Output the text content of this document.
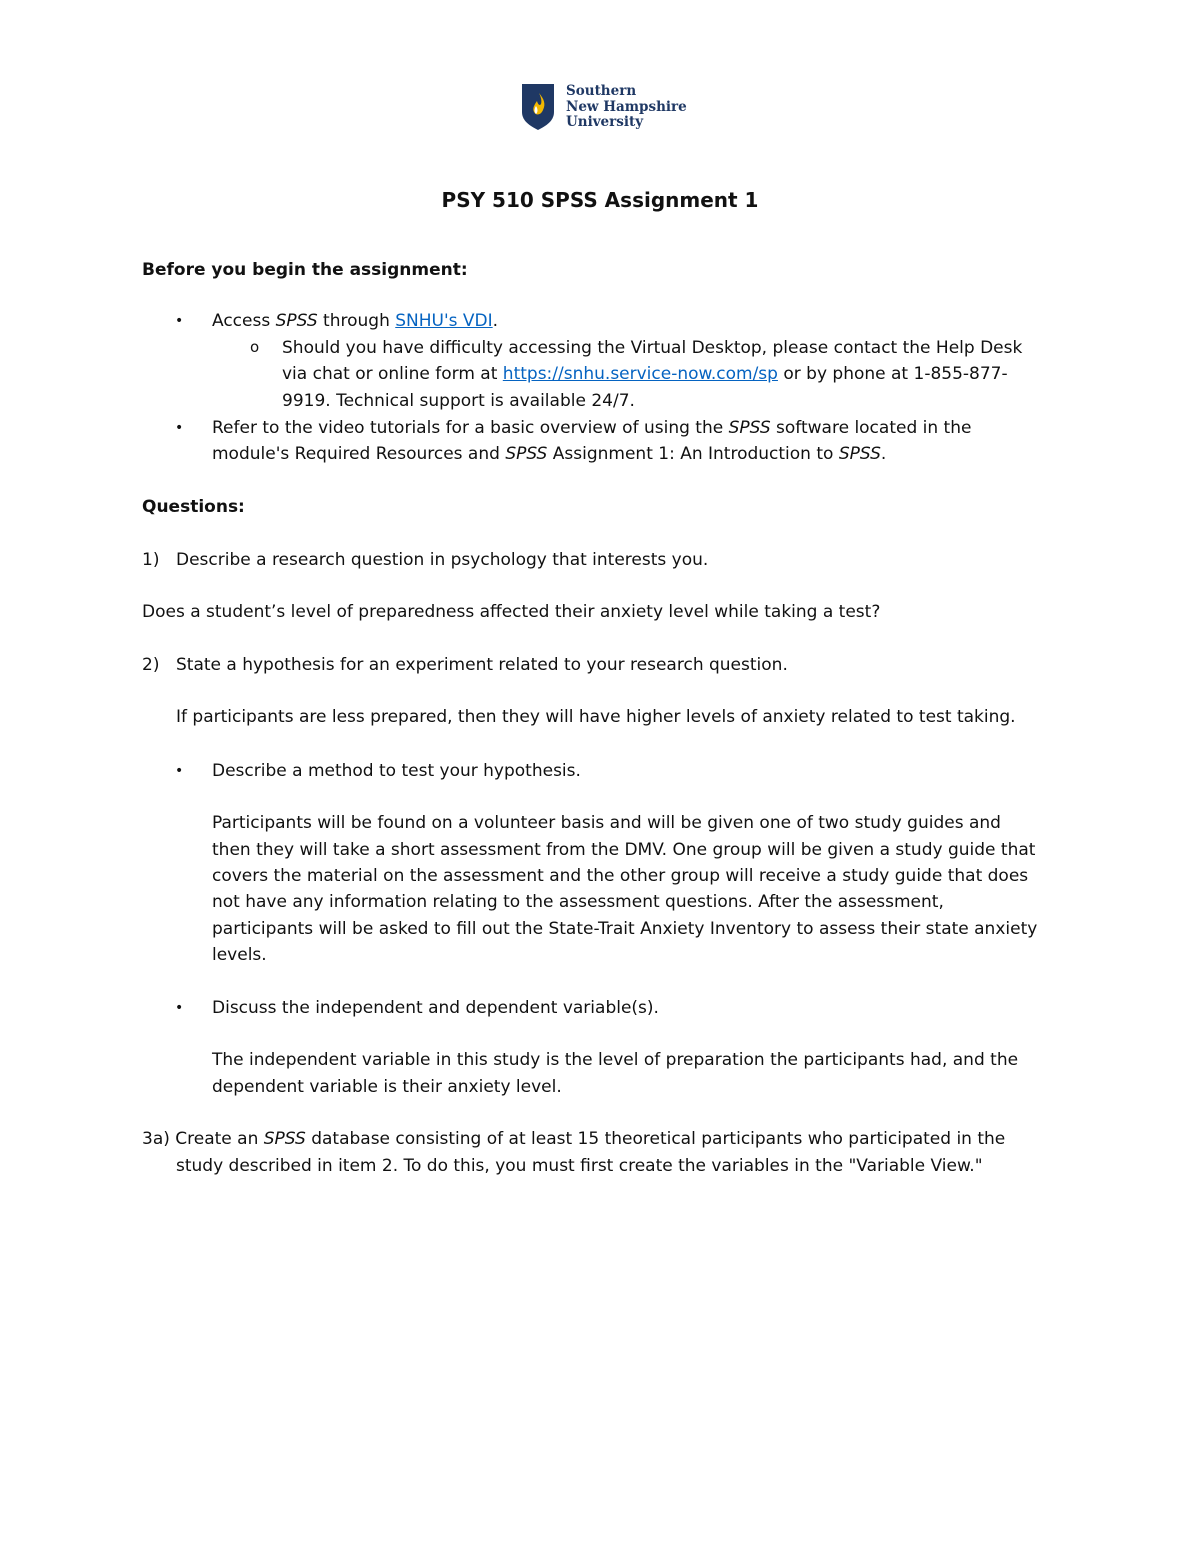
Southern
New Hampshire
University
PSY 510 SPSS Assignment 1
Before you begin the assignment:
• Access SPSS through SNHU's VDI.
o Should you have difficulty accessing the Virtual Desktop, please contact the Help Desk
via chat or online form at https://snhu.service-now.com/sp or by phone at 1-855-877-
9919. Technical support is available 24/7.
• Refer to the video tutorials for a basic overview of using the SPSS software located in the
module's Required Resources and SPSS Assignment 1: An Introduction to SPSS.
Questions:
1) Describe a research question in psychology that interests you.
Does a student’s level of preparedness affected their anxiety level while taking a test?
2) State a hypothesis for an experiment related to your research question.
If participants are less prepared, then they will have higher levels of anxiety related to test taking.
• Describe a method to test your hypothesis.
Participants will be found on a volunteer basis and will be given one of two study guides and
then they will take a short assessment from the DMV. One group will be given a study guide that
covers the material on the assessment and the other group will receive a study guide that does
not have any information relating to the assessment questions. After the assessment,
participants will be asked to fill out the State-Trait Anxiety Inventory to assess their state anxiety
levels.
• Discuss the independent and dependent variable(s).
The independent variable in this study is the level of preparation the participants had, and the
dependent variable is their anxiety level.
3a) Create an SPSS database consisting of at least 15 theoretical participants who participated in the
study described in item 2. To do this, you must first create the variables in the "Variable View."
